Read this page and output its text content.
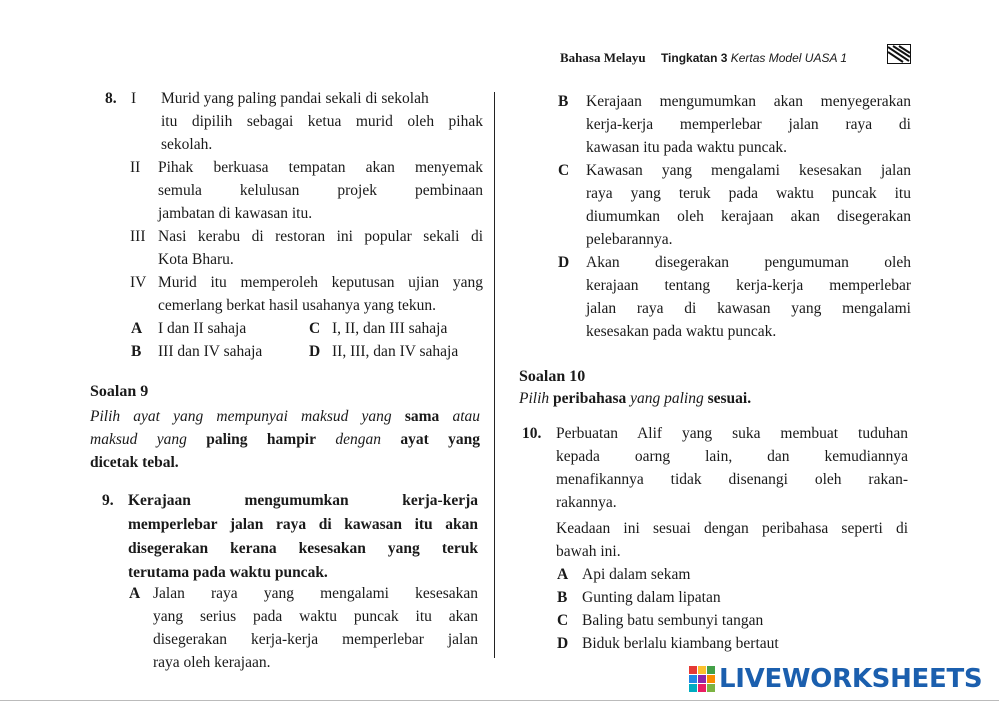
Bahasa Melayu Tingkatan 3 Kertas Model UASA 1
8. I Murid yang paling pandai sekali di sekolah
itu dipilih sebagai ketua murid oleh pihak
sekolah.
II Pihak berkuasa tempatan akan menyemak
semula kelulusan projek pembinaan
jambatan di kawasan itu.
III Nasi kerabu di restoran ini popular sekali di
Kota Bharu.
IV Murid itu memperoleh keputusan ujian yang
cemerlang berkat hasil usahanya yang tekun.
A I dan II sahaja	C I, II, dan III sahaja
B III dan IV sahaja	D II, III, dan IV sahaja
Soalan 9
Pilih ayat yang mempunyai maksud yang sama atau
maksud yang paling hampir dengan ayat yang
dicetak tebal.
9. Kerajaan mengumumkan kerja-kerja
memperlebar jalan raya di kawasan itu akan
disegerakan kerana kesesakan yang teruk
terutama pada waktu puncak.
A Jalan raya yang mengalami kesesakan
yang serius pada waktu puncak itu akan
disegerakan kerja-kerja memperlebar jalan
raya oleh kerajaan.
B Kerajaan mengumumkan akan menyegerakan
kerja-kerja memperlebar jalan raya di
kawasan itu pada waktu puncak.
C Kawasan yang mengalami kesesakan jalan
raya yang teruk pada waktu puncak itu
diumumkan oleh kerajaan akan disegerakan
pelebarannya.
D Akan disegerakan pengumuman oleh
kerajaan tentang kerja-kerja memperlebar
jalan raya di kawasan yang mengalami
kesesakan pada waktu puncak.
Soalan 10
Pilih peribahasa yang paling sesuai.
10. Perbuatan Alif yang suka membuat tuduhan
kepada oarng lain, dan kemudiannya
menafikannya tidak disenangi oleh rakan-
rakannya.
Keadaan ini sesuai dengan peribahasa seperti di
bawah ini.
A Api dalam sekam
B Gunting dalam lipatan
C Baling batu sembunyi tangan
D Biduk berlalu kiambang bertaut
LIVEWORKSHEETS
